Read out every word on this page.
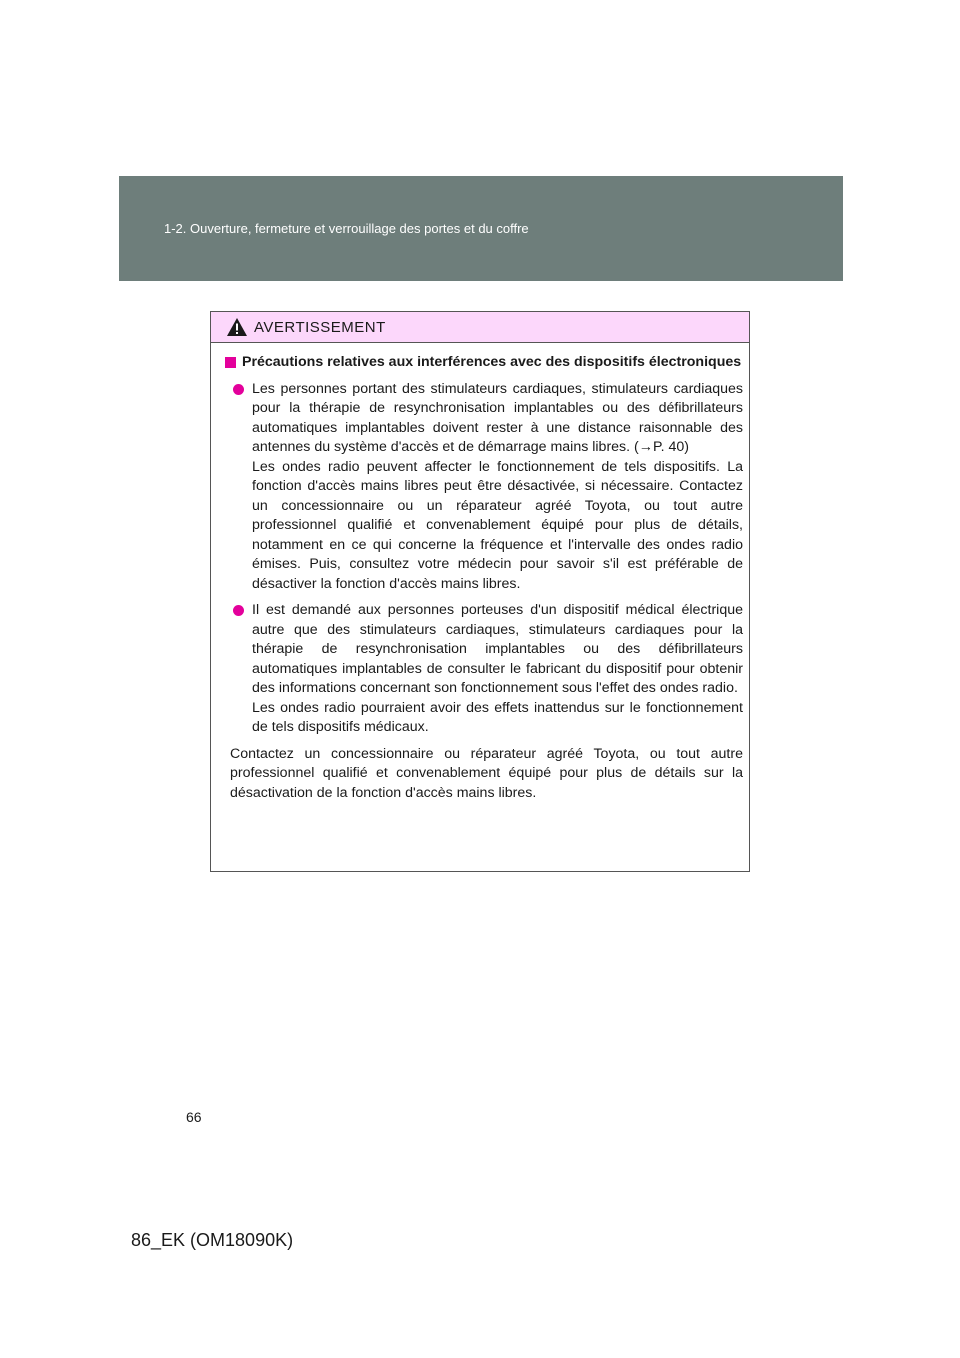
1-2. Ouverture, fermeture et verrouillage des portes et du coffre
AVERTISSEMENT
Précautions relatives aux interférences avec des dispositifs électroniques

Les personnes portant des stimulateurs cardiaques, stimulateurs cardiaques pour la thérapie de resynchronisation implantables ou des défibrillateurs automatiques implantables doivent rester à une distance raisonnable des antennes du système d'accès et de démarrage mains libres. (→P. 40)

Les ondes radio peuvent affecter le fonctionnement de tels dispositifs. La fonction d'accès mains libres peut être désactivée, si nécessaire. Contactez un concessionnaire ou un réparateur agréé Toyota, ou tout autre professionnel qualifié et convenablement équipé pour plus de détails, notamment en ce qui concerne la fréquence et l'intervalle des ondes radio émises. Puis, consultez votre médecin pour savoir s'il est préférable de désactiver la fonction d'accès mains libres.

Il est demandé aux personnes porteuses d'un dispositif médical électrique autre que des stimulateurs cardiaques, stimulateurs cardiaques pour la thérapie de resynchronisation implantables ou des défibrillateurs automatiques implantables de consulter le fabricant du dispositif pour obtenir des informations concernant son fonctionnement sous l'effet des ondes radio.

Les ondes radio pourraient avoir des effets inattendus sur le fonctionnement de tels dispositifs médicaux.

Contactez un concessionnaire ou réparateur agréé Toyota, ou tout autre professionnel qualifié et convenablement équipé pour plus de détails sur la désactivation de la fonction d'accès mains libres.

66
86_EK (OM18090K)
